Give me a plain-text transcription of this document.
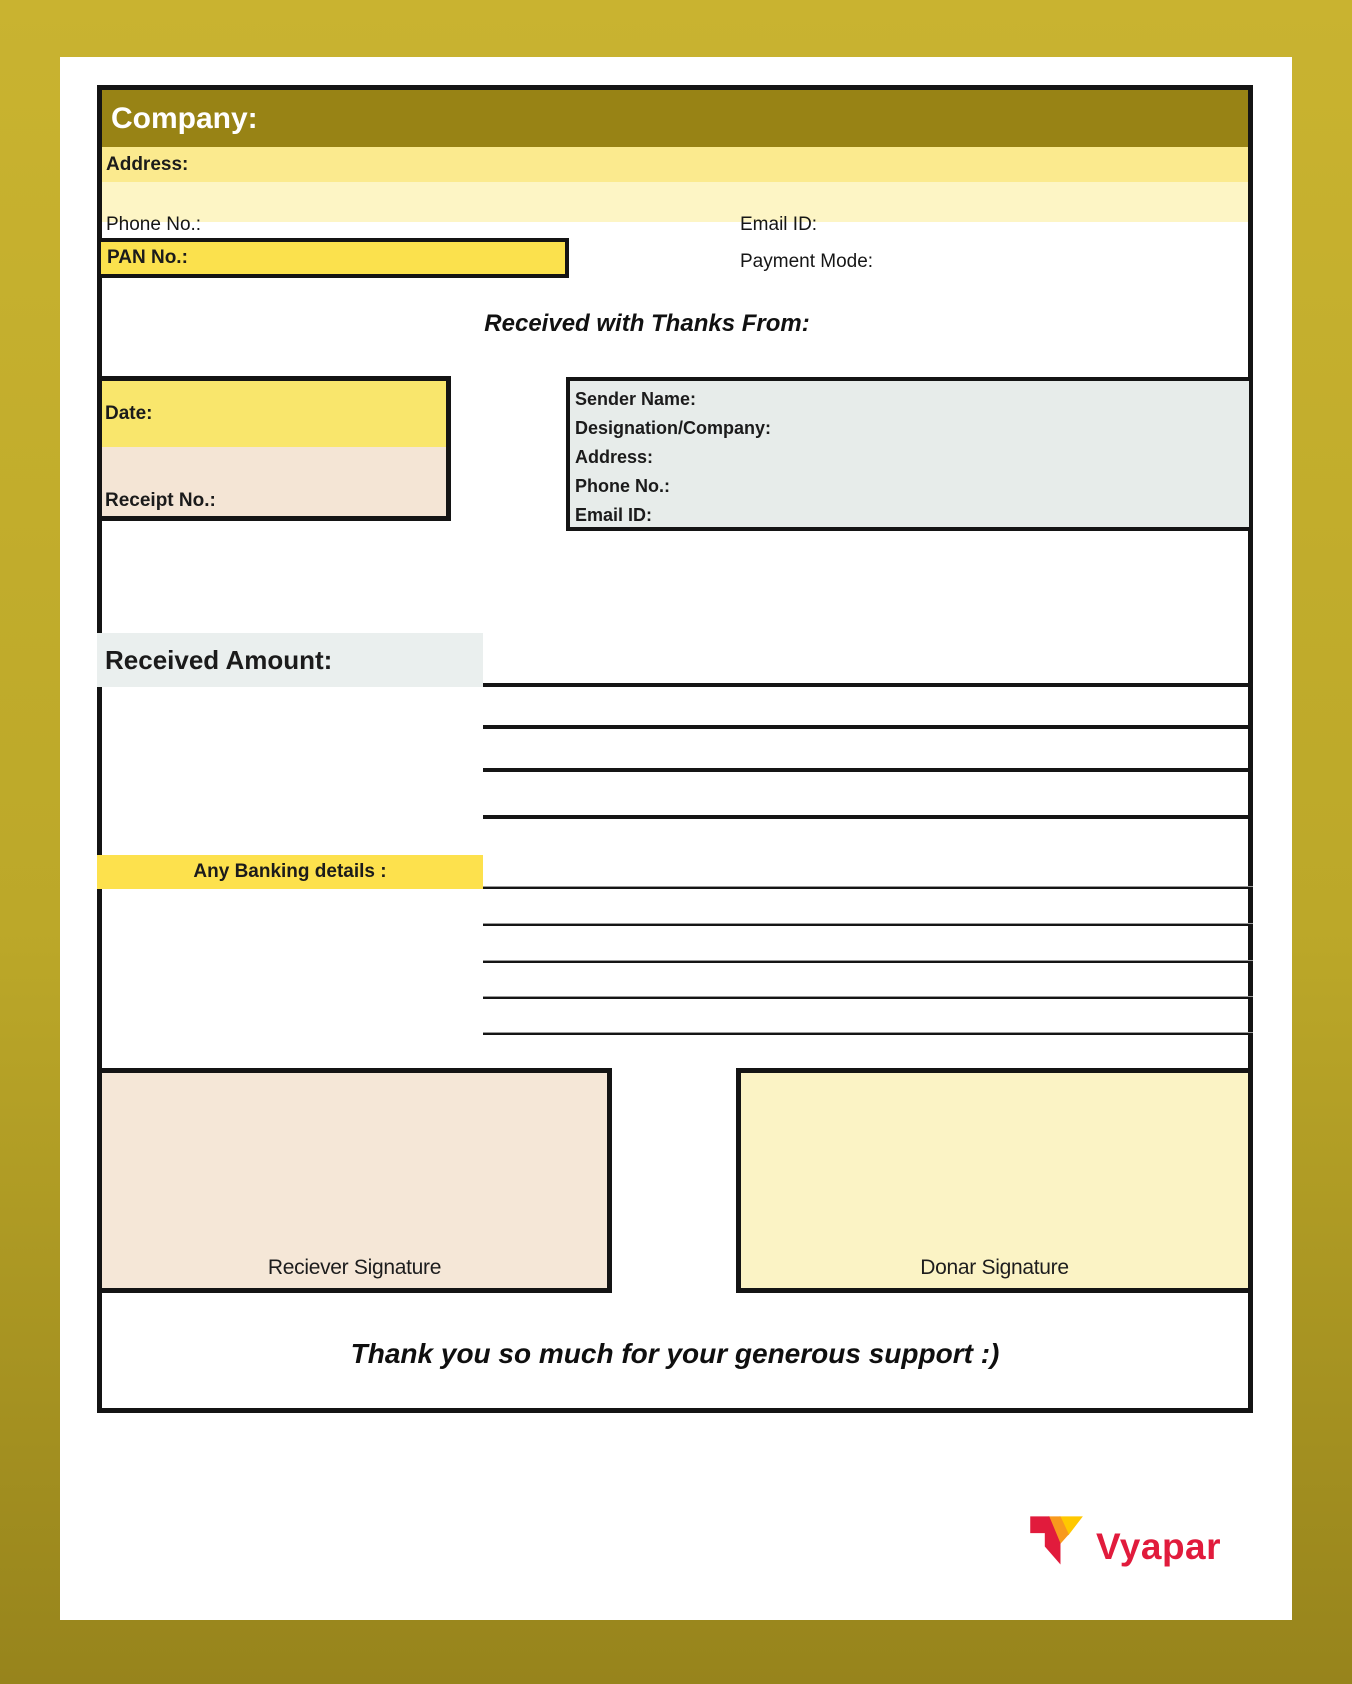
Company:
Address:
Phone No.:	Email ID:
PAN No.:	Payment Mode:
Received with Thanks From:
Date:
Receipt No.:
Sender Name:
Designation/Company:
Address:
Phone No.:
Email ID:
Received Amount:
Any Banking details :
Reciever Signature	Donar Signature
Thank you so much for your generous support :)
Vyapar
